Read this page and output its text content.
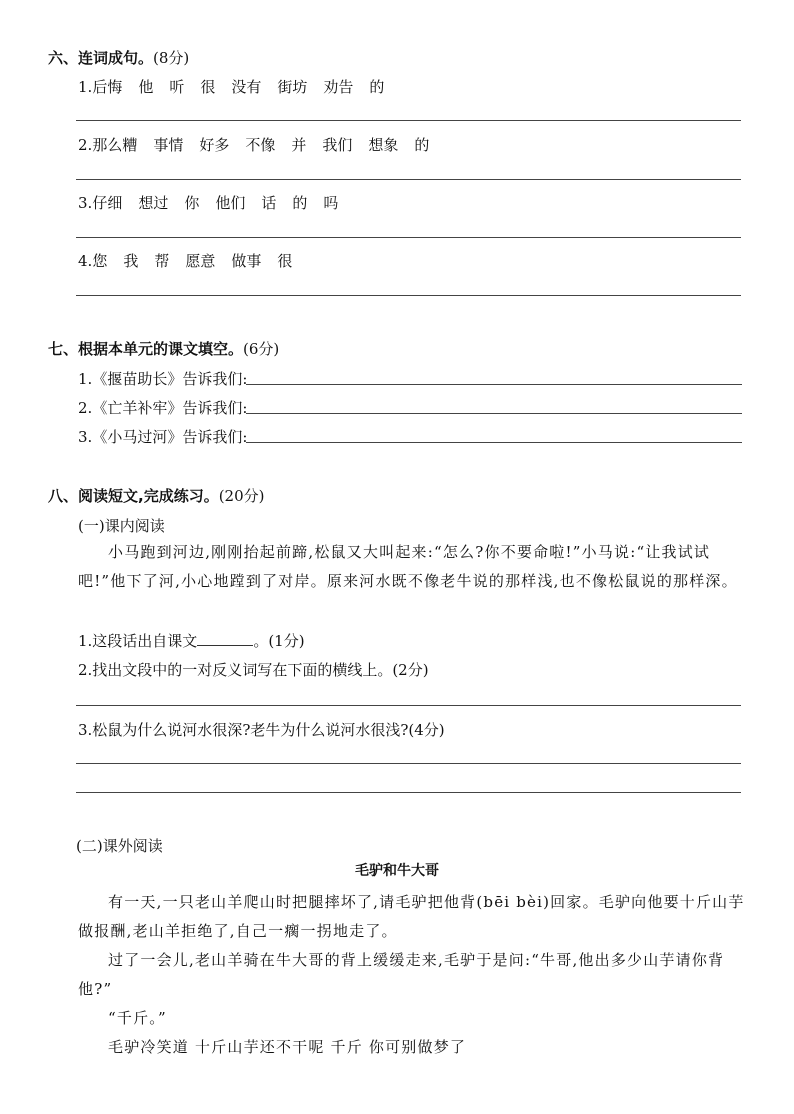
六、连词成句。(8分)
1.后悔 他 听 很 没有 街坊 劝告 的
2.那么糟 事情 好多 不像 并 我们 想象 的
3.仔细 想过 你 他们 话 的 吗
4.您 我 帮 愿意 做事 很
七、根据本单元的课文填空。(6分)
1.《揠苗助长》告诉我们:
2.《亡羊补牢》告诉我们:
3.《小马过河》告诉我们:
八、阅读短文,完成练习。(20分)
(一)课内阅读
小马跑到河边,刚刚抬起前蹄,松鼠又大叫起来:“怎么?你不要命啦!”小马说:“让我试试吧!”他下了河,小心地蹚到了对岸。原来河水既不像老牛说的那样浅,也不像松鼠说的那样深。
1.这段话出自课文	。(1分)
2.找出文段中的一对反义词写在下面的横线上。(2分)
3.松鼠为什么说河水很深?老牛为什么说河水很浅?(4分)
(二)课外阅读
毛驴和牛大哥
有一天,一只老山羊爬山时把腿摔坏了,请毛驴把他背(bēi bèi)回家。毛驴向他要十斤山芋做报酬,老山羊拒绝了,自己一瘸一拐地走了。
过了一会儿,老山羊骑在牛大哥的背上缓缓走来,毛驴于是问:“牛哥,他出多少山芋请你背他?”
“千斤。”
毛驴冷笑道 十斤山芋还不干呢 千斤 你可别做梦了
